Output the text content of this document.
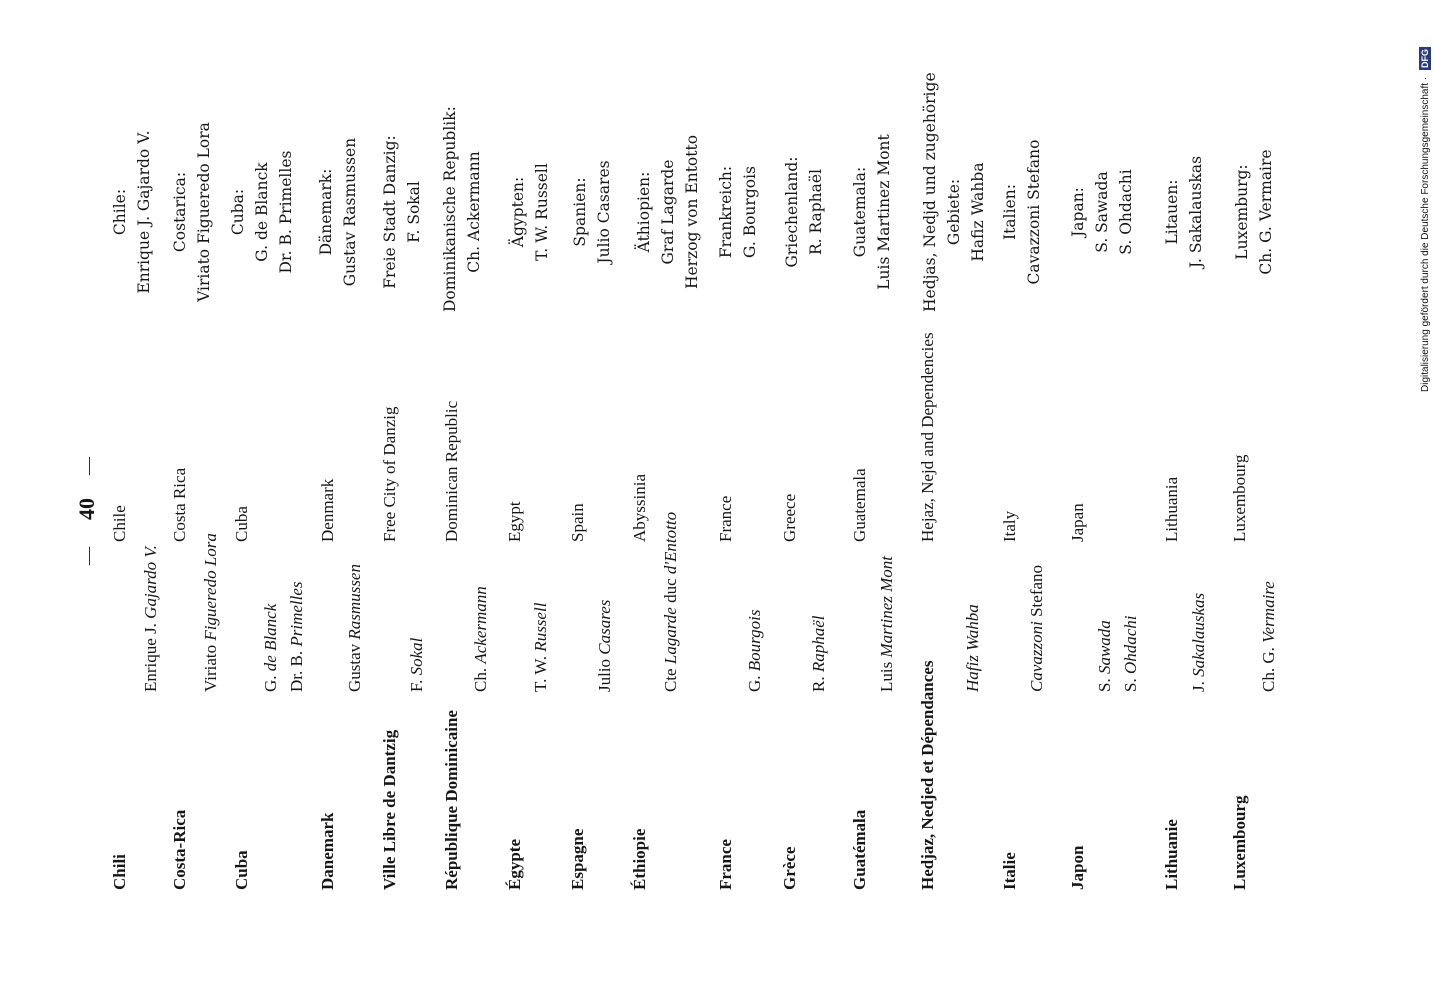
40
—
—
Digitalisierung gefördert durch die Deutsche Forschungsgemeinschaft · DFG
Chili
Enrique J. Gajardo V.
Chile
Chile: Enrique J. Gajardo V.
Costa-Rica
Viriato Figueredo Lora
Costa Rica
Costarica: Viriato Figueredo Lora
Cuba
G. de Blanck Dr. B. Primelles
Cuba
Cuba: G. de Blanck Dr. B. Primelles
Danemark
Gustav Rasmussen
Denmark
Dänemark: Gustav Rasmussen
Ville Libre de Dantzig
F. Sokal
Free City of Danzig
Freie Stadt Danzig: F. Sokal
République Dominicaine
Ch. Ackermann
Dominican Republic
Dominikanische Republik: Ch. Ackermann
Égypte
T. W. Russell
Egypt
Ägypten: T. W. Russell
Espagne
Julio Casares
Spain
Spanien: Julio Casares
Éthiopie
Cte Lagarde duc d'Entotto
Abyssinia
Äthiopien: Graf Lagarde Herzog von Entotto
France
G. Bourgois
France
Frankreich: G. Bourgois
Grèce
R. Raphaël
Greece
Griechenland: R. Raphaël
Guatémala
Luis Martinez Mont
Guatemala
Guatemala: Luis Martinez Mont
Hedjaz, Nedjed et Dépendances
Hafiz Wahba
Hejaz, Nejd and Dependencies
Hedjas, Nedjd und zugehörige Gebiete: Hafiz Wahba
Italie
Cavazzoni Stefano
Italy
Italien: Cavazzoni Stefano
Japon
S. Sawada
S. Ohdachi
Japan
Japan: S. Sawada S. Ohdachi
Lithuanie
J. Sakalauskas
Lithuania
Litauen: J. Sakalauskas
Luxembourg
Ch. G. Vermaire
Luxembourg
Luxemburg: Ch. G. Vermaire
